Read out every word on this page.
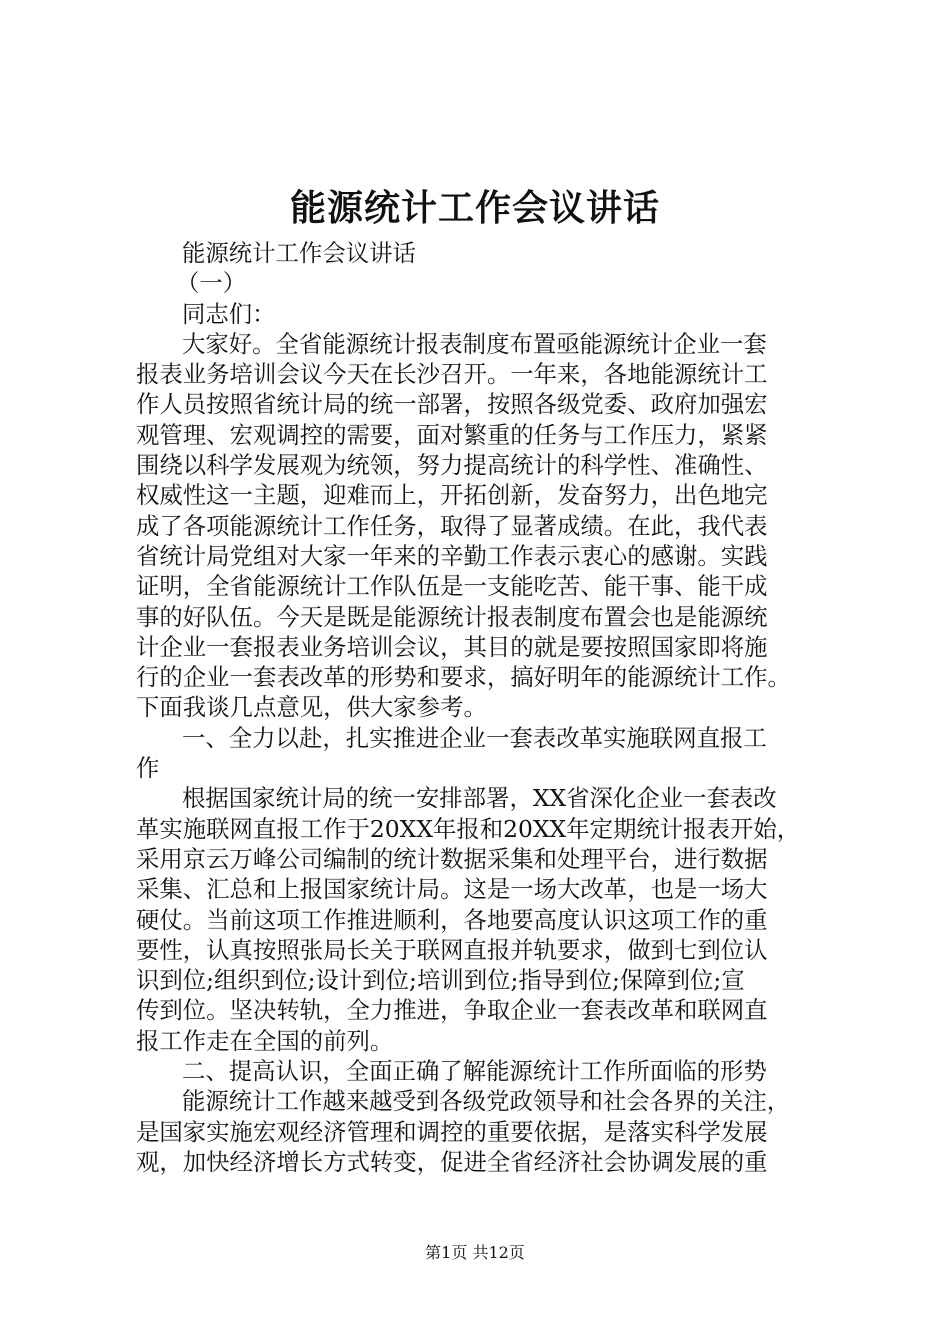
能源统计工作会议讲话
能源统计工作会议讲话
（一）
同志们：
大家好。全省能源统计报表制度布置亟能源统计企业一套
报表业务培训会议今天在长沙召开。一年来，各地能源统计工
作人员按照省统计局的统一部署，按照各级党委、政府加强宏
观管理、宏观调控的需要，面对繁重的任务与工作压力，紧紧
围绕以科学发展观为统领，努力提高统计的科学性、准确性、
权威性这一主题，迎难而上，开拓创新，发奋努力，出色地完
成了各项能源统计工作任务，取得了显著成绩。在此，我代表
省统计局党组对大家一年来的辛勤工作表示衷心的感谢。实践
证明，全省能源统计工作队伍是一支能吃苦、能干事、能干成
事的好队伍。今天是既是能源统计报表制度布置会也是能源统
计企业一套报表业务培训会议，其目的就是要按照国家即将施
行的企业一套表改革的形势和要求，搞好明年的能源统计工作。
下面我谈几点意见，供大家参考。
一、全力以赴，扎实推进企业一套表改革实施联网直报工
作
根据国家统计局的统一安排部署，XX省深化企业一套表改
革实施联网直报工作于20XX年报和20XX年定期统计报表开始，
采用京云万峰公司编制的统计数据采集和处理平台，进行数据
采集、汇总和上报国家统计局。这是一场大改革，也是一场大
硬仗。当前这项工作推进顺利，各地要高度认识这项工作的重
要性，认真按照张局长关于联网直报并轨要求，做到七到位认
识到位;组织到位;设计到位;培训到位;指导到位;保障到位;宣
传到位。坚决转轨，全力推进，争取企业一套表改革和联网直
报工作走在全国的前列。
二、提高认识，全面正确了解能源统计工作所面临的形势
能源统计工作越来越受到各级党政领导和社会各界的关注，
是国家实施宏观经济管理和调控的重要依据，是落实科学发展
观，加快经济增长方式转变，促进全省经济社会协调发展的重
第1页 共12页
